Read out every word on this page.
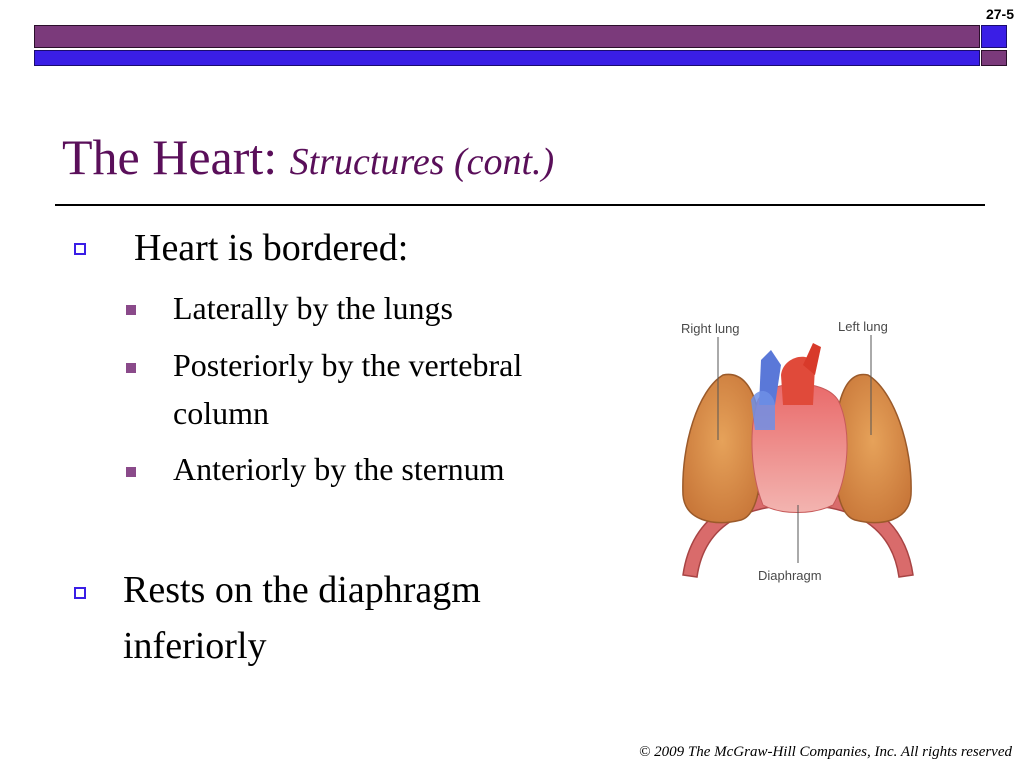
27-5
The Heart: Structures (cont.)
Heart is bordered:
Laterally by the lungs
Posteriorly by the vertebral
column
Anteriorly by the sternum
Rests on the diaphragm
inferiorly
Right lung	Left lung
Diaphragm
© 2009 The McGraw-Hill Companies, Inc. All rights reserved
